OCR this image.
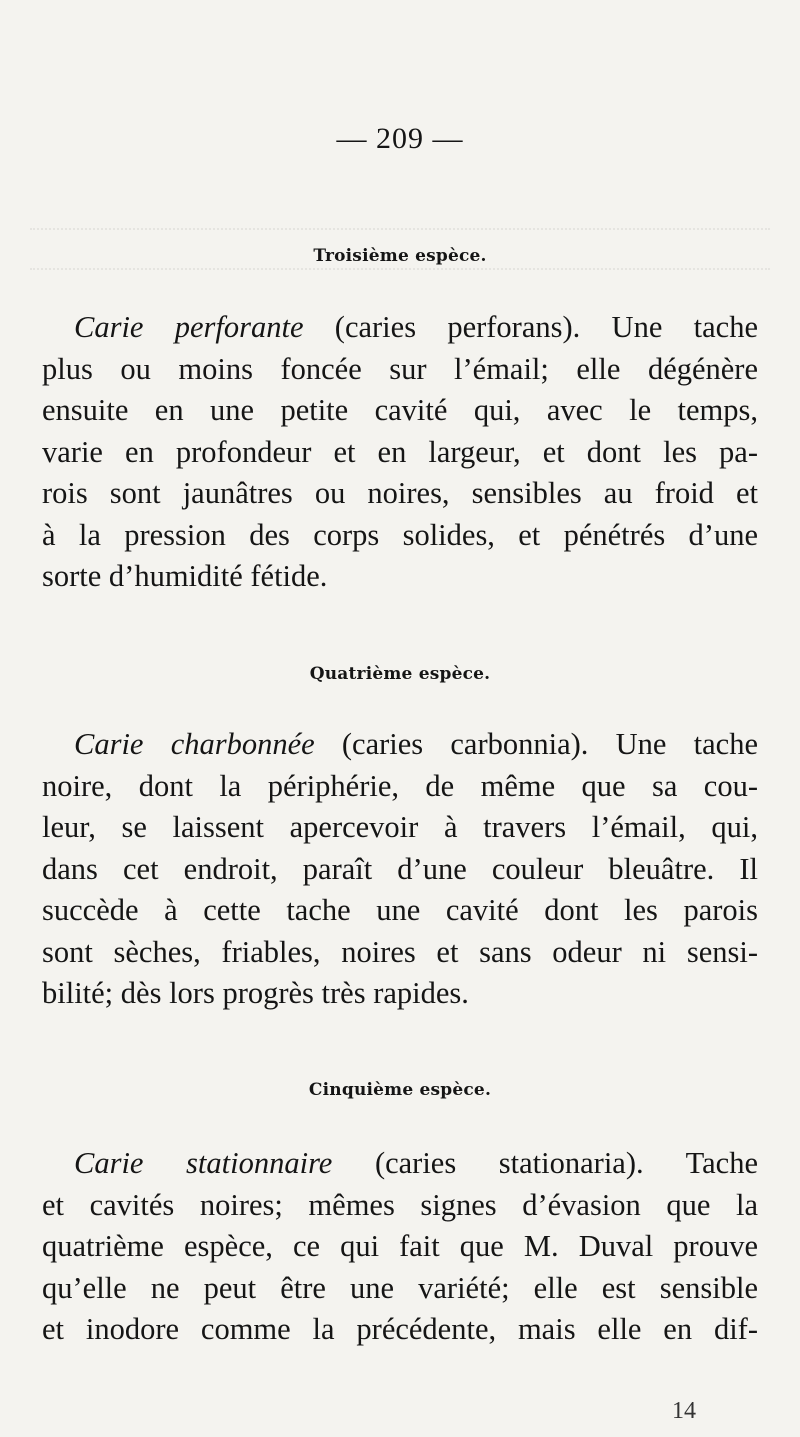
— 209 —
Troisième espèce.
Carie perforante (caries perforans). Une tache
plus ou moins foncée sur l’émail; elle dégénère
ensuite en une petite cavité qui, avec le temps,
varie en profondeur et en largeur, et dont les pa-
rois sont jaunâtres ou noires, sensibles au froid et
à la pression des corps solides, et pénétrés d’une
sorte d’humidité fétide.
Quatrième espèce.
Carie charbonnée (caries carbonnia). Une tache
noire, dont la périphérie, de même que sa cou-
leur, se laissent apercevoir à travers l’émail, qui,
dans cet endroit, paraît d’une couleur bleuâtre. Il
succède à cette tache une cavité dont les parois
sont sèches, friables, noires et sans odeur ni sensi-
bilité; dès lors progrès très rapides.
Cinquième espèce.
Carie stationnaire (caries stationaria). Tache
et cavités noires; mêmes signes d’évasion que la
quatrième espèce, ce qui fait que M. Duval prouve
qu’elle ne peut être une variété; elle est sensible
et inodore comme la précédente, mais elle en dif-
14
